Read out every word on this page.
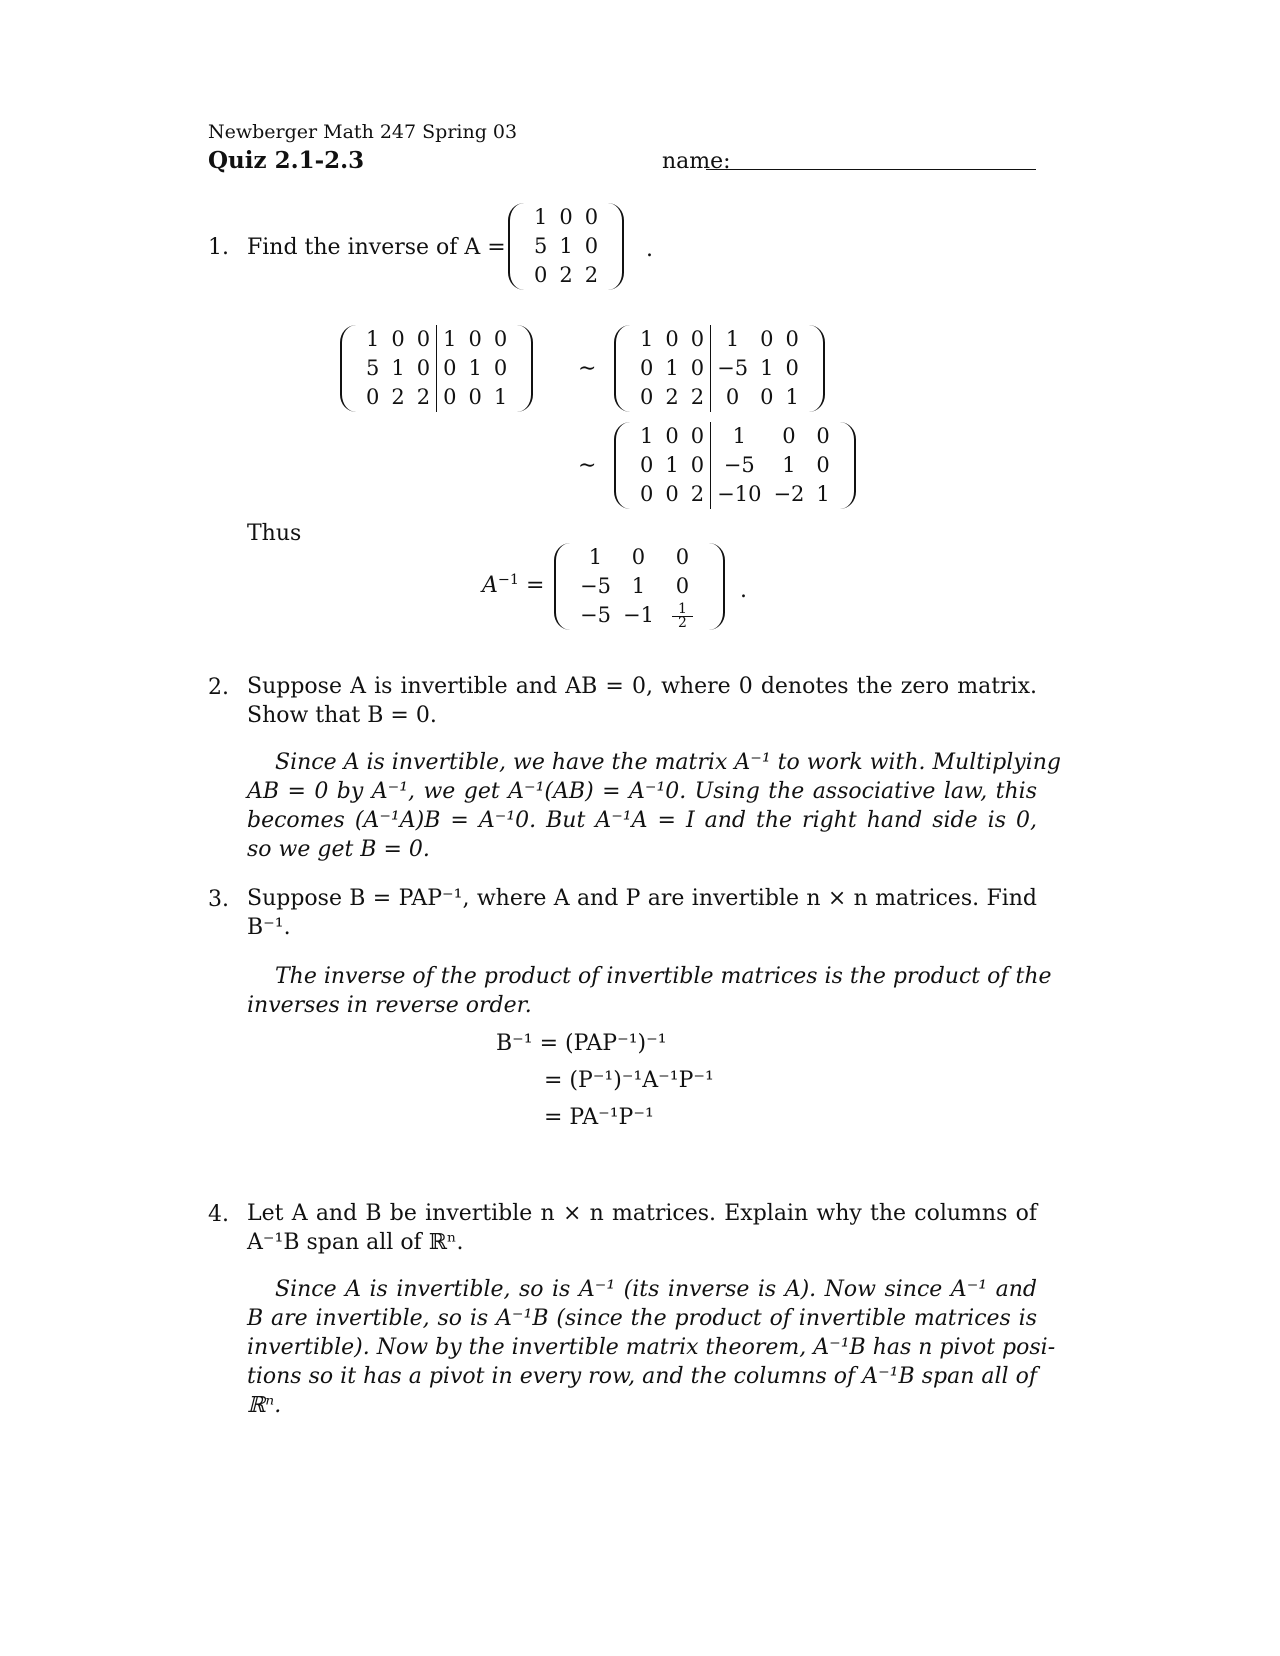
Newberger Math 247 Spring 03
Quiz 2.1-2.3	name:
1. Find the inverse of A =
1 0 0
5 1 0
0 2 2
.
1 0 0 1 0 0
5 1 0 0 1 0
0 2 2 0 0 1
∼
1 0 0	1 0 0
0 1 0 −5 1 0
0 2 2	0 0 1
∼
1 0 0	1	0 0
0 1 0 −5	1 0
0 0 2 −10 −2 1
Thus
$A^{-1}$ =
1	0	0
−5 1	0
$-5 -1 \frac{1}{2}$
.
2. Suppose A is invertible and AB = 0, where 0 denotes the zero matrix.
Show that B = 0.
Since A is invertible, we have the matrix A⁻¹ to work with. Multiplying
AB = 0 by A⁻¹, we get A⁻¹(AB) = A⁻¹0. Using the associative law, this
becomes (A⁻¹A)B = A⁻¹0. But A⁻¹A = I and the right hand side is 0,
so we get B = 0.
3. Suppose B = PAP⁻¹, where A and P are invertible n × n matrices. Find
B⁻¹.
The inverse of the product of invertible matrices is the product of the
inverses in reverse order.
B⁻¹ = (PAP⁻¹)⁻¹
= (P⁻¹)⁻¹A⁻¹P⁻¹
= PA⁻¹P⁻¹
4. Let A and B be invertible n × n matrices. Explain why the columns of
A⁻¹B span all of ℝⁿ.
Since A is invertible, so is A⁻¹ (its inverse is A). Now since A⁻¹ and
B are invertible, so is A⁻¹B (since the product of invertible matrices is
invertible). Now by the invertible matrix theorem, A⁻¹B has n pivot posi-
tions so it has a pivot in every row, and the columns of A⁻¹B span all of
ℝⁿ.
